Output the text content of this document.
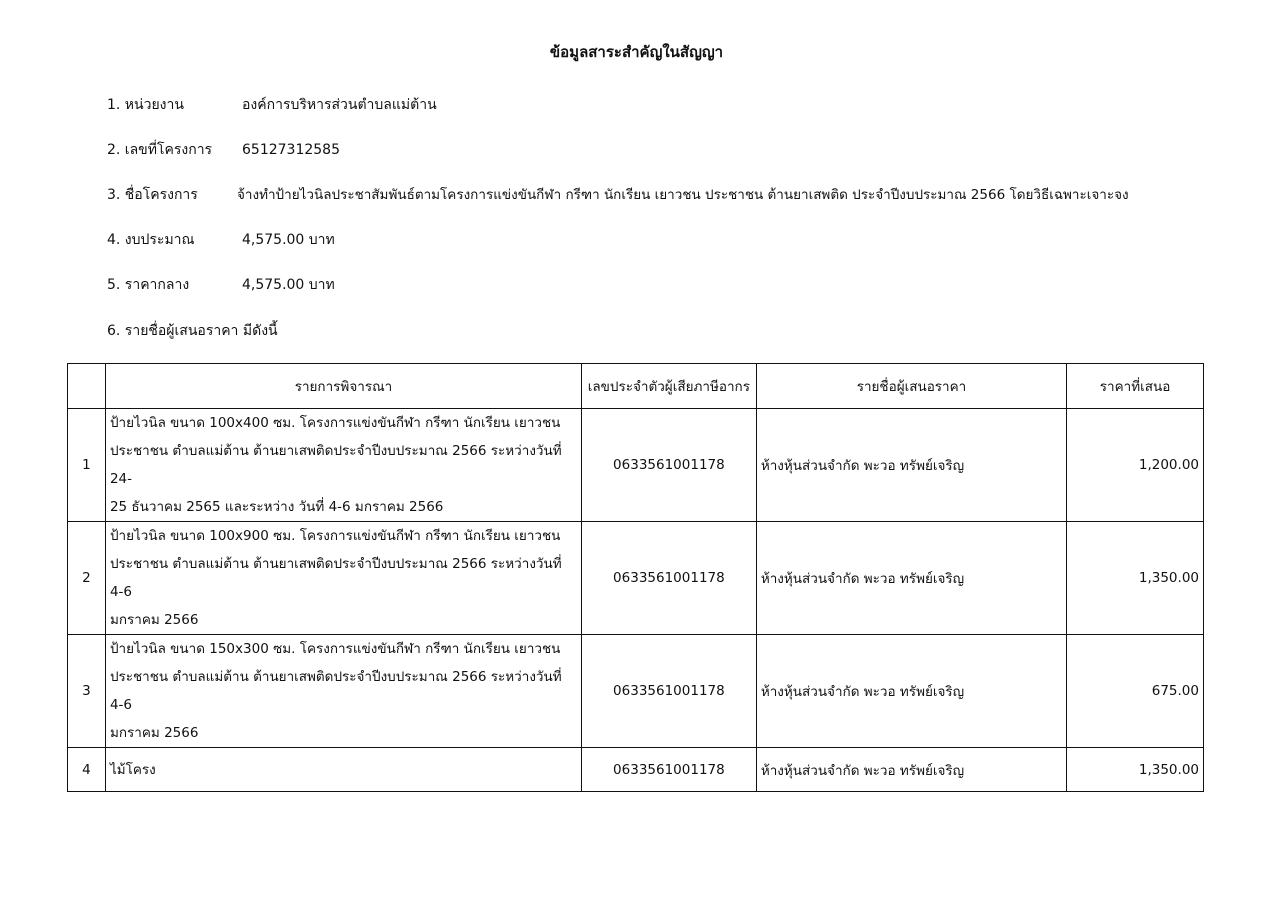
ข้อมูลสาระสำคัญในสัญญา
1. หน่วยงาน	องค์การบริหารส่วนตำบลแม่ต้าน
2. เลขที่โครงการ 65127312585
3. ชื่อโครงการ	จ้างทำป้ายไวนิลประชาสัมพันธ์ตามโครงการแข่งขันกีฬา กรีฑา นักเรียน เยาวชน ประชาชน ต้านยาเสพติด ประจำปีงบประมาณ 2566 โดยวิธีเฉพาะเจาะจง
4. งบประมาณ	4,575.00 บาท
5. ราคากลาง	4,575.00 บาท
6. รายชื่อผู้เสนอราคา มีดังนี้
	รายการพิจารณา	เลขประจำตัวผู้เสียภาษีอากร	รายชื่อผู้เสนอราคา	ราคาที่เสนอ
1	ป้ายไวนิล ขนาด 100x400 ซม. โครงการแข่งขันกีฬา กรีฑา นักเรียน เยาวชน
ประชาชน ตำบลแม่ต้าน ต้านยาเสพติดประจำปีงบประมาณ 2566 ระหว่างวันที่ 24-
25 ธันวาคม 2565 และระหว่าง วันที่ 4-6 มกราคม 2566	0633561001178	ห้างหุ้นส่วนจำกัด พะวอ ทรัพย์เจริญ	1,200.00
2	ป้ายไวนิล ขนาด 100x900 ซม. โครงการแข่งขันกีฬา กรีฑา นักเรียน เยาวชน
ประชาชน ตำบลแม่ต้าน ต้านยาเสพติดประจำปีงบประมาณ 2566 ระหว่างวันที่ 4-6
มกราคม 2566	0633561001178	ห้างหุ้นส่วนจำกัด พะวอ ทรัพย์เจริญ	1,350.00
3	ป้ายไวนิล ขนาด 150x300 ซม. โครงการแข่งขันกีฬา กรีฑา นักเรียน เยาวชน
ประชาชน ตำบลแม่ต้าน ต้านยาเสพติดประจำปีงบประมาณ 2566 ระหว่างวันที่ 4-6
มกราคม 2566	0633561001178	ห้างหุ้นส่วนจำกัด พะวอ ทรัพย์เจริญ	675.00
4	ไม้โครง	0633561001178	ห้างหุ้นส่วนจำกัด พะวอ ทรัพย์เจริญ	1,350.00
